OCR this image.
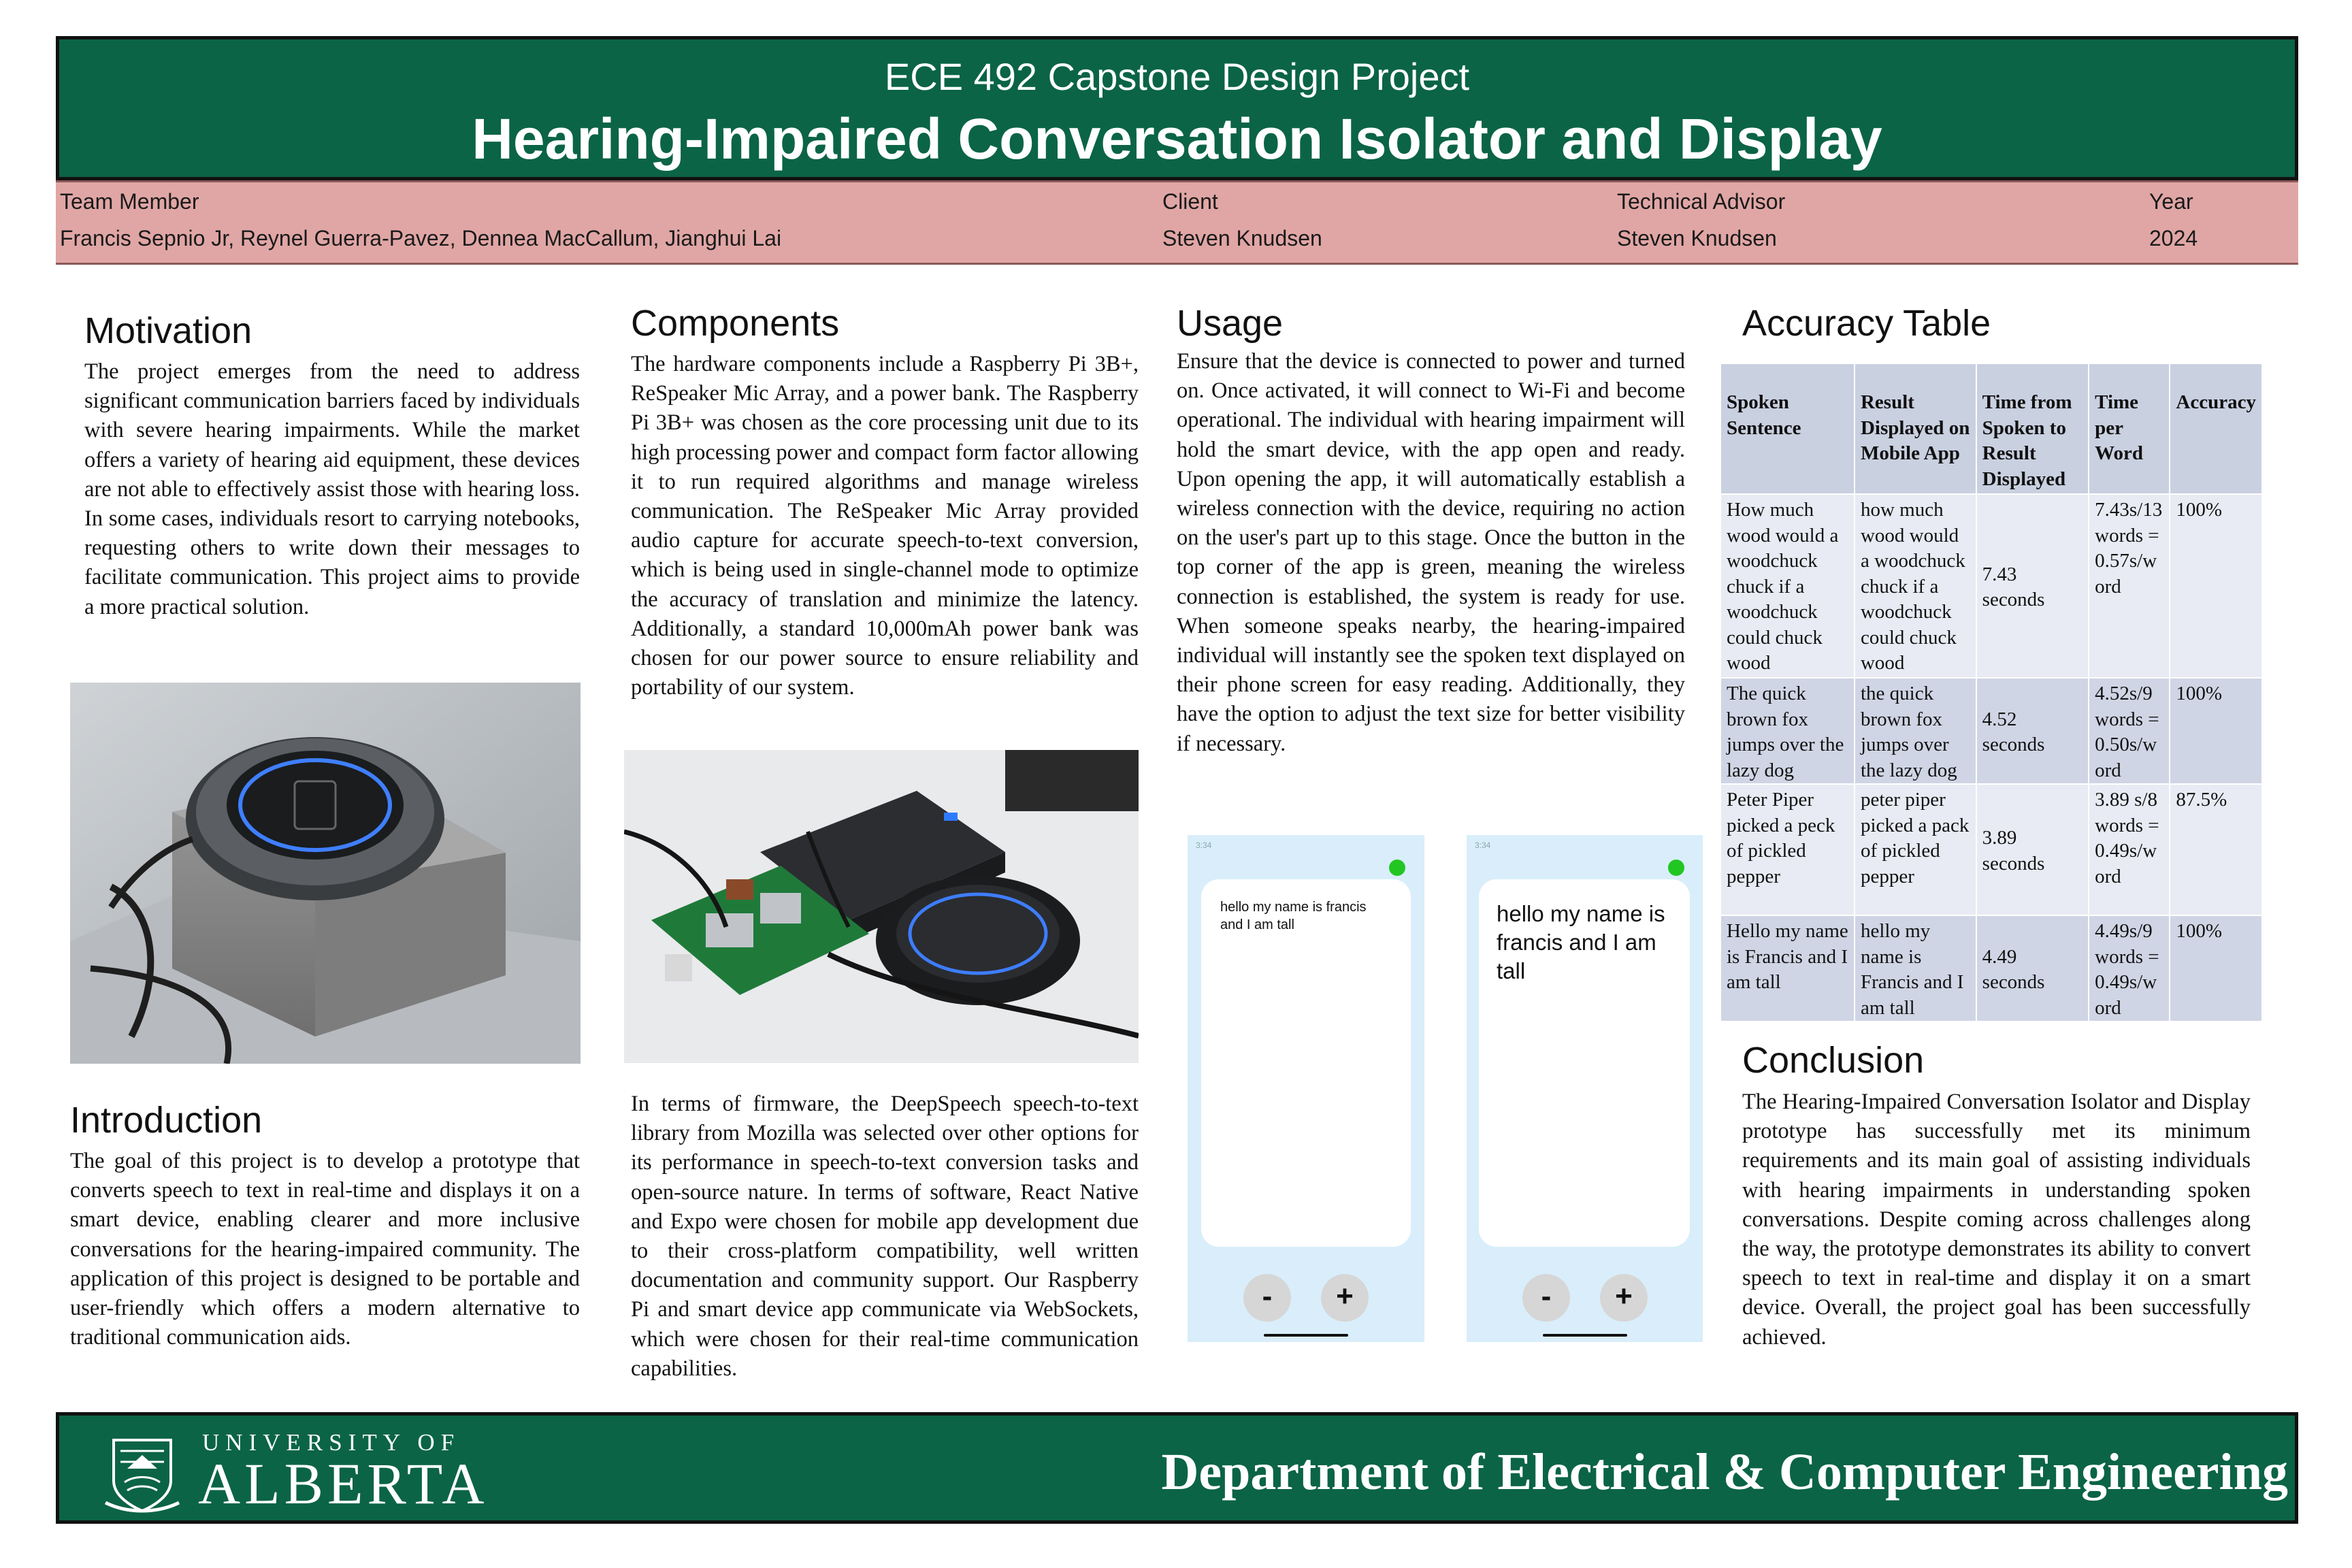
ECE 492 Capstone Design Project
Hearing-Impaired Conversation Isolator and Display
Team Member
Francis Sepnio Jr, Reynel Guerra-Pavez, Dennea MacCallum, Jianghui Lai
Client
Steven Knudsen
Technical Advisor
Steven Knudsen
Year
2024
Motivation
The project emerges from the need to address significant communication barriers faced by individuals with severe hearing impairments. While the market offers a variety of hearing aid equipment, these devices are not able to effectively assist those with hearing loss. In some cases, individuals resort to carrying notebooks, requesting others to write down their messages to facilitate communication. This project aims to provide a more practical solution.
Introduction
The goal of this project is to develop a prototype that converts speech to text in real-time and displays it on a smart device, enabling clearer and more inclusive conversations for the hearing-impaired community. The application of this project is designed to be portable and user-friendly which offers a modern alternative to traditional communication aids.
Components
The hardware components include a Raspberry Pi 3B+, ReSpeaker Mic Array, and a power bank. The Raspberry Pi 3B+ was chosen as the core processing unit due to its high processing power and compact form factor allowing it to run required algorithms and manage wireless communication. The ReSpeaker Mic Array provided audio capture for accurate speech-to-text conversion, which is being used in single-channel mode to optimize the accuracy of translation and minimize the latency. Additionally, a standard 10,000mAh power bank was chosen for our power source to ensure reliability and portability of our system.
In terms of firmware, the DeepSpeech speech-to-text library from Mozilla was selected over other options for its performance in speech-to-text conversion tasks and open-source nature. In terms of software, React Native and Expo were chosen for mobile app development due to their cross-platform compatibility, well written documentation and community support. Our Raspberry Pi and smart device app communicate via WebSockets, which were chosen for their real-time communication capabilities.
Usage
Ensure that the device is connected to power and turned on. Once activated, it will connect to Wi-Fi and become operational. The individual with hearing impairment will hold the smart device, with the app open and ready. Upon opening the app, it will automatically establish a wireless connection with the device, requiring no action on the user's part up to this stage. Once the button in the top corner of the app is green, meaning the wireless connection is established, the system is ready for use. When someone speaks nearby, the hearing-impaired individual will instantly see the spoken text displayed on their phone screen for easy reading. Additionally, they have the option to adjust the text size for better visibility if necessary.
3:34
hello my name is francis and I am tall
-	+
3:34
hello my name is francis and I am tall
-	+
Accuracy Table
Spoken Sentence	Result Displayed on Mobile App	Time from Spoken to Result Displayed	Time per Word	Accuracy
How much wood would a woodchuck chuck if a woodchuck could chuck wood	how much wood would a woodchuck chuck if a woodchuck could chuck wood	7.43 seconds	7.43s/13 words = 0.57s/word	100%
The quick brown fox jumps over the lazy dog	the quick brown fox jumps over the lazy dog	4.52 seconds	4.52s/9 words = 0.50s/word	100%
Peter Piper picked a peck of pickled pepper	peter piper picked a pack of pickled pepper	3.89 seconds	3.89 s/8 words = 0.49s/word	87.5%
Hello my name is Francis and I am tall	hello my name is Francis and I am tall	4.49 seconds	4.49s/9 words = 0.49s/word	100%
Conclusion
The Hearing-Impaired Conversation Isolator and Display prototype has successfully met its minimum requirements and its main goal of assisting individuals with hearing impairments in understanding spoken conversations. Despite coming across challenges along the way, the prototype demonstrates its ability to convert speech to text in real-time and display it on a smart device. Overall, the project goal has been successfully achieved.
UNIVERSITY OF
ALBERTA	Department of Electrical & Computer Engineering
